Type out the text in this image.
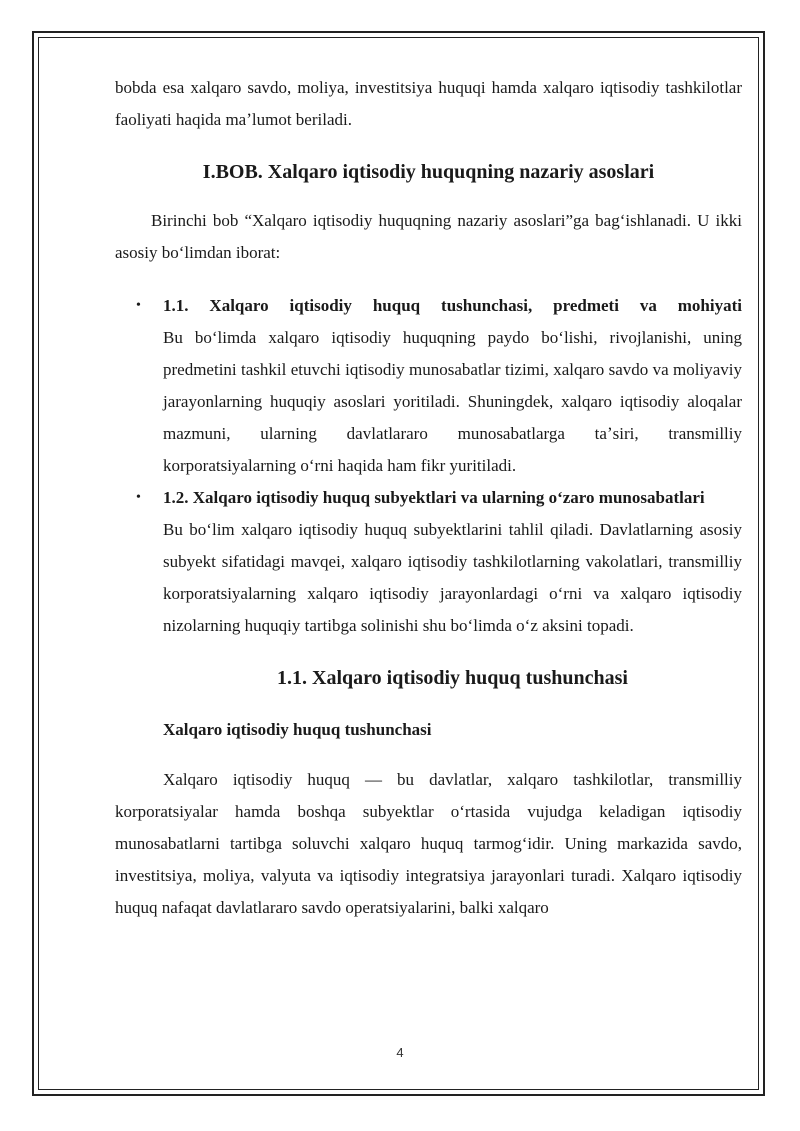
bobda esa xalqaro savdo, moliya, investitsiya huquqi hamda xalqaro iqtisodiy tashkilotlar faoliyati haqida maʼlumot beriladi.

I.BOB. Xalqaro iqtisodiy huquqning nazariy asoslari

Birinchi bob “Xalqaro iqtisodiy huquqning nazariy asoslari”ga bagʻishlanadi. U ikki asosiy boʻlimdan iborat:

• 1.1. Xalqaro iqtisodiy huquq tushunchasi, predmeti va mohiyati

Bu boʻlimda xalqaro iqtisodiy huquqning paydo boʻlishi, rivojlanishi, uning predmetini tashkil etuvchi iqtisodiy munosabatlar tizimi, xalqaro savdo va moliyaviy jarayonlarning huquqiy asoslari yoritiladi. Shuningdek, xalqaro iqtisodiy aloqalar mazmuni, ularning davlatlararo munosabatlarga taʼsiri, transmilliy korporatsiyalarning oʻrni haqida ham fikr yuritiladi.

• 1.2. Xalqaro iqtisodiy huquq subyektlari va ularning oʻzaro munosabatlari

Bu boʻlim xalqaro iqtisodiy huquq subyektlarini tahlil qiladi. Davlatlarning asosiy subyekt sifatidagi mavqei, xalqaro iqtisodiy tashkilotlarning vakolatlari, transmilliy korporatsiyalarning xalqaro iqtisodiy jarayonlardagi oʻrni va xalqaro iqtisodiy nizolarning huquqiy tartibga solinishi shu boʻlimda oʻz aksini topadi.

1.1. Xalqaro iqtisodiy huquq tushunchasi
Xalqaro iqtisodiy huquq tushunchasi

Xalqaro iqtisodiy huquq — bu davlatlar, xalqaro tashkilotlar, transmilliy korporatsiyalar hamda boshqa subyektlar oʻrtasida vujudga keladigan iqtisodiy munosabatlarni tartibga soluvchi xalqaro huquq tarmogʻidir. Uning markazida savdo, investitsiya, moliya, valyuta va iqtisodiy integratsiya jarayonlari turadi. Xalqaro iqtisodiy huquq nafaqat davlatlararo savdo operatsiyalarini, balki xalqaro

4
